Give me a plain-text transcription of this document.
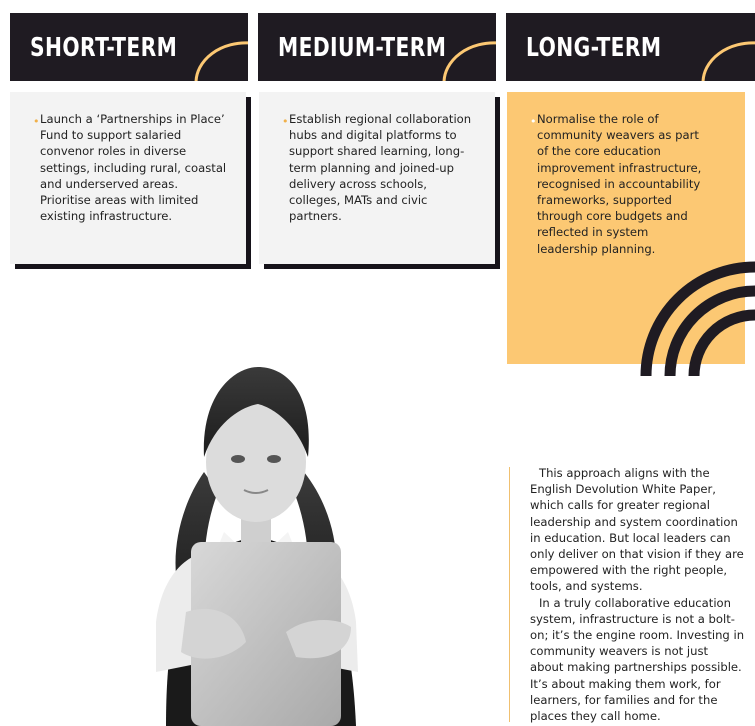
SHORT-TERM	MEDIUM-TERM	LONG-TERM
• Launch a ‘Partnerships in Place’ Fund to support salaried convenor roles in diverse settings, including rural, coastal and underserved areas. Prioritise areas with limited existing infrastructure.
• Establish regional collaboration hubs and digital platforms to support shared learning, long-term planning and joined-up delivery across schools, colleges, MATs and civic partners.
• Normalise the role of community weavers as part of the core education improvement infrastructure, recognised in accountability frameworks, supported through core budgets and reflected in system leadership planning.

This approach aligns with the English Devolution White Paper, which calls for greater regional leadership and system coordination in education. But local leaders can only deliver on that vision if they are empowered with the right people, tools, and systems.

In a truly collaborative education system, infrastructure is not a bolt-on; it’s the engine room. Investing in community weavers is not just about making partnerships possible. It’s about making them work, for learners, for families and for the places they call home.
